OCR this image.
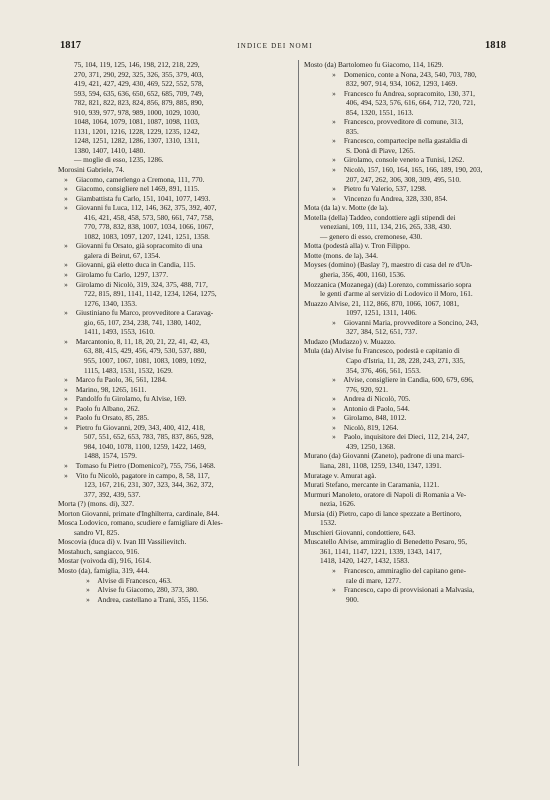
1817	INDICE DEI NOMI	1818
75, 104, 119, 125, 146, 198, 212, 218, 229,
270, 371, 290, 292, 325, 326, 355, 379, 403,
419, 421, 427, 429, 430, 469, 522, 552, 578,
593, 594, 635, 636, 650, 652, 685, 709, 749,
782, 821, 822, 823, 824, 856, 879, 885, 890,
910, 939, 977, 978, 989, 1000, 1029, 1030,
1048, 1064, 1079, 1081, 1087, 1098, 1103,
1131, 1201, 1216, 1228, 1229, 1235, 1242,
1248, 1251, 1282, 1286, 1307, 1310, 1311,
1380, 1407, 1410, 1480.
— moglie di esso, 1235, 1286.
Morosini Gabriele, 74.
» Giacomo, camerlengo a Cremona, 111, 770.
» Giacomo, consigliere nel 1469, 891, 1115.
» Giambattista fu Carlo, 151, 1041, 1077, 1493.
» Giovanni fu Luca, 112, 146, 362, 375, 392, 407,
416, 421, 458, 458, 573, 580, 661, 747, 758,
770, 778, 832, 838, 1007, 1034, 1066, 1067,
1082, 1083, 1097, 1207, 1241, 1251, 1358.
» Giovanni fu Orsato, già sopracomito di una
galera di Beirut, 67, 1354.
» Giovanni, già eletto duca in Candia, 115.
» Girolamo fu Carlo, 1297, 1377.
» Girolamo di Nicolò, 319, 324, 375, 488, 717,
722, 815, 891, 1141, 1142, 1234, 1264, 1275,
1276, 1340, 1353.
» Giustiniano fu Marco, provveditore a Caravag-
gio, 65, 107, 234, 238, 741, 1380, 1402,
1411, 1493, 1553, 1610.
» Marcantonio, 8, 11, 18, 20, 21, 22, 41, 42, 43,
63, 88, 415, 429, 456, 479, 530, 537, 880,
955, 1007, 1067, 1081, 1083, 1089, 1092,
1115, 1483, 1531, 1532, 1629.
» Marco fu Paolo, 36, 561, 1284.
» Marino, 98, 1265, 1611.
» Pandolfo fu Girolamo, fu Alvise, 169.
» Paolo fu Albano, 262.
» Paolo fu Orsato, 85, 285.
» Pietro fu Giovanni, 209, 343, 400, 412, 418,
507, 551, 652, 653, 783, 785, 837, 865, 928,
984, 1040, 1078, 1100, 1259, 1422, 1469,
1488, 1574, 1579.
» Tomaso fu Pietro (Domenico?), 755, 756, 1468.
» Vito fu Nicolò, pagatore in campo, 8, 58, 117,
123, 167, 216, 231, 307, 323, 344, 362, 372,
377, 392, 439, 537.
Morta (?) (mons. di), 327.
Morton Giovanni, primate d'Inghilterra, cardinale, 844.
Mosca Lodovico, romano, scudiere e famigliare di Ales-
sandro VI, 825.
Moscovia (duca di) v. Ivan III Vassilievitch.
Mostahuch, sangiacco, 916.
Mostar (voivoda di), 916, 1614.
Mosto (da), famiglia, 319, 444.
» Alvise di Francesco, 463.
» Alvise fu Giacomo, 280, 373, 380.
» Andrea, castellano a Trani, 355, 1156.
Mosto (da) Bartolomeo fu Giacomo, 114, 1629.
» Domenico, conte a Nona, 243, 540, 703, 780,
832, 907, 914, 934, 1062, 1293, 1469.
» Francesco fu Andrea, sopracomito, 130, 371,
406, 494, 523, 576, 616, 664, 712, 720, 721,
854, 1320, 1551, 1613.
» Francesco, provveditore di comune, 313,
835.
» Francesco, compartecipe nella gastaldia di
S. Donà di Piave, 1265.
» Girolamo, console veneto a Tunisi, 1262.
» Nicolò, 157, 160, 164, 165, 166, 189, 190, 203,
207, 247, 262, 306, 308, 309, 495, 510.
» Pietro fu Valerio, 537, 1298.
» Vincenzo fu Andrea, 328, 330, 854.
Mota (da la) v. Motte (de la).
Motella (della) Taddeo, condottiere agli stipendi dei
veneziani, 109, 111, 134, 216, 265, 338, 430.
— genero di esso, cremonese, 430.
Motta (podestà alla) v. Tron Filippo.
Motte (mons. de la), 344.
Moyses (domino) (Baslay ?), maestro di casa del re d'Un-
gheria, 356, 400, 1160, 1536.
Mozzanica (Mozanega) (da) Lorenzo, commissario sopra
le genti d'arme al servizio di Lodovico il Moro, 161.
Muazzo Alvise, 21, 112, 866, 870, 1066, 1067, 1081,
1097, 1251, 1311, 1406.
» Giovanni Maria, provveditore a Soncino, 243,
327, 384, 512, 651, 737.
Mudazo (Mudazzo) v. Muazzo.
Mula (da) Alvise fu Francesco, podestà e capitanio di
Capo d'Istria, 11, 28, 228, 243, 271, 335,
354, 376, 466, 561, 1553.
» Alvise, consigliere in Candia, 600, 679, 696,
776, 920, 921.
» Andrea di Nicolò, 705.
» Antonio di Paolo, 544.
» Girolamo, 848, 1012.
» Nicolò, 819, 1264.
» Paolo, inquisitore dei Dieci, 112, 214, 247,
439, 1250, 1368.
Murano (da) Giovanni (Zaneto), padrone di una marci-
liana, 281, 1108, 1259, 1340, 1347, 1391.
Muratage v. Amurat agà.
Murati Stefano, mercante in Caramania, 1121.
Murmuri Manoleto, oratore di Napoli di Romania a Ve-
nezia, 1626.
Mursia (di) Pietro, capo di lance spezzate a Bertinoro,
1532.
Muschieri Giovanni, condottiere, 643.
Muscatello Alvise, ammiraglio di Benedetto Pesaro, 95,
361, 1141, 1147, 1221, 1339, 1343, 1417,
1418, 1420, 1427, 1432, 1583.
» Francesco, ammiraglio del capitano gene-
rale di mare, 1277.
» Francesco, capo di provvisionati a Malvasia,
900.
